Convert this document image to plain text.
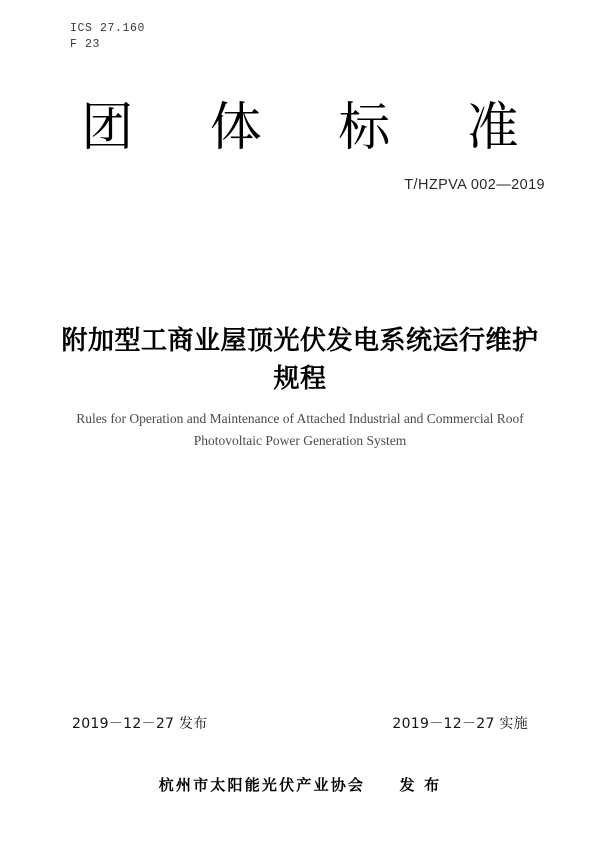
ICS 27.160
F 23
团 体 标 准
T/HZPVA 002—2019
附加型工商业屋顶光伏发电系统运行维护规程
Rules for Operation and Maintenance of Attached Industrial and Commercial Roof
Photovoltaic Power Generation System
2019－12－27 发布	2019－12－27 实施
杭州市太阳能光伏产业协会　　发 布
